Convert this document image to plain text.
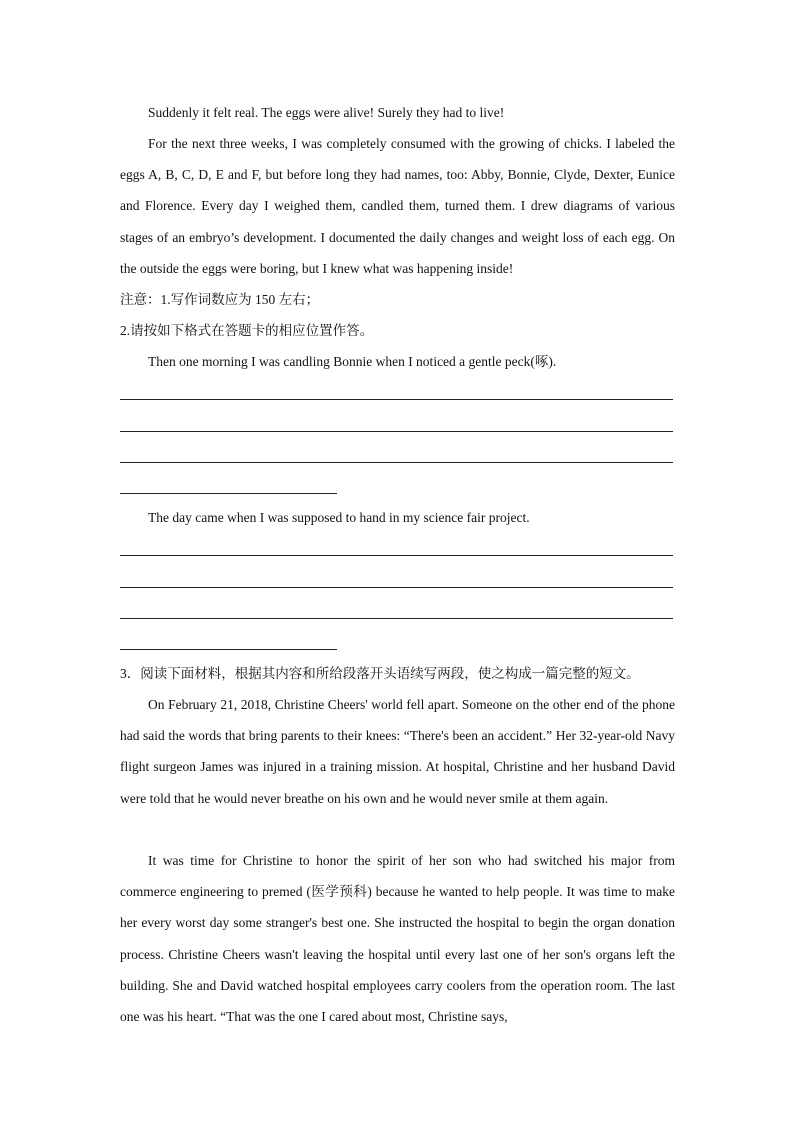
Suddenly it felt real. The eggs were alive! Surely they had to live!

For the next three weeks, I was completely consumed with the growing of chicks. I labeled the eggs A, B, C, D, E and F, but before long they had names, too: Abby, Bonnie, Clyde, Dexter, Eunice and Florence. Every day I weighed them, candled them, turned them. I drew diagrams of various stages of an embryo’s development. I documented the daily changes and weight loss of each egg. On the outside the eggs were boring, but I knew what was happening inside!

注意：1.写作词数应为 150 左右；

2.请按如下格式在答题卡的相应位置作答。

Then one morning I was candling Bonnie when I noticed a gentle peck(啄).

The day came when I was supposed to hand in my science fair project.

3．阅读下面材料，根据其内容和所给段落开头语续写两段，使之构成一篇完整的短文。

On February 21, 2018, Christine Cheers' world fell apart. Someone on the other end of the phone had said the words that bring parents to their knees: “There's been an accident.” Her 32-year-old Navy flight surgeon James was injured in a training mission. At hospital, Christine and her husband David were told that he would never breathe on his own and he would never smile at them again.

It was time for Christine to honor the spirit of her son who had switched his major from commerce engineering to premed (医学预科) because he wanted to help people. It was time to make her every worst day some stranger's best one. She instructed the hospital to begin the organ donation process. Christine Cheers wasn't leaving the hospital until every last one of her son's organs left the building. She and David watched hospital employees carry coolers from the operation room. The last one was his heart. “That was the one I cared about most, Christine says,
